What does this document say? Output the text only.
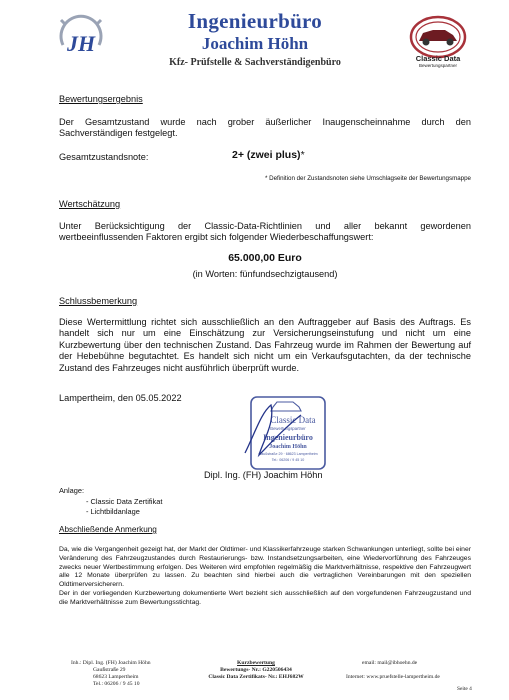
JH
Ingenieurbüro
Joachim Höhn
Kfz- Prüfstelle & Sachverständigenbüro	Classic Data
Bewertungspartner
Bewertungsergebnis
Der Gesamtzustand wurde nach grober äußerlicher Inaugenscheinnahme durch den Sachverständigen festgelegt.
Gesamtzustandsnote:	2+ (zwei plus)*
* Definition der Zustandsnoten siehe Umschlagseite der Bewertungsmappe
Wertschätzung
Unter Berücksichtigung der Classic-Data-Richtlinien und aller bekannt gewordenen wertbeeinflussenden Faktoren ergibt sich folgender Wiederbeschaffungswert:
65.000,00 Euro
(in Worten: fünfundsechzigtausend)
Schlussbemerkung
Diese Wertermittlung richtet sich ausschließlich an den Auftraggeber auf Basis des Auftrags. Es handelt sich nur um eine Einschätzung zur Versicherungseinstufung und nicht um eine Kurzbewertung über den technischen Zustand. Das Fahrzeug wurde im Rahmen der Bewertung auf der Hebebühne begutachtet. Es handelt sich nicht um ein Verkaufsgutachten, da der technische Zustand des Fahrzeuges nicht ausführlich überprüft wurde.
Lampertheim, den 05.05.2022
Classic Data
Bewertungspartner
Ingenieurbüro
Joachim Höhn
Gaußstraße 29 · 68623 Lampertheim
Tel.: 06206 / 9 45 10
Dipl. Ing. (FH) Joachim Höhn
Anlage:
- Classic Data Zertifikat
- Lichtbildanlage
Abschließende Anmerkung
Da, wie die Vergangenheit gezeigt hat, der Markt der Oldtimer- und Klassikerfahrzeuge starken Schwankungen unterliegt, sollte bei einer Veränderung des Fahrzeugzustandes durch Restaurierungs- bzw. Instandsetzungsarbeiten, eine Wiedervorführung des Fahrzeuges zwecks neuer Wertbestimmung erfolgen. Des Weiteren wird empfohlen regelmäßig die Marktverhältnisse, respektive den Fahrzeugwert alle 12 Monate überprüfen zu lassen. Zu beachten sind hierbei auch die vertraglichen Vereinbarungen mit den speziellen Oldtimerversicherern.
Der in der vorliegenden Kurzbewertung dokumentierte Wert bezieht sich ausschließlich auf den vorgefundenen Fahrzeugzustand und die Marktverhältnisse zum Bewertungsstichtag.
Inh.: Dipl. Ing. (FH) Joachim Höhn
Gaußstraße 29
68623 Lampertheim
Tel.: 06206 / 9 45 10
Kurzbewertung
Bewertungs- Nr.: G220506434
Classic Data Zertifikats- Nr.: EHJ682W
email: mail@ibhoehn.de
Internet: www.pruefstelle-lampertheim.de
Seite 4
